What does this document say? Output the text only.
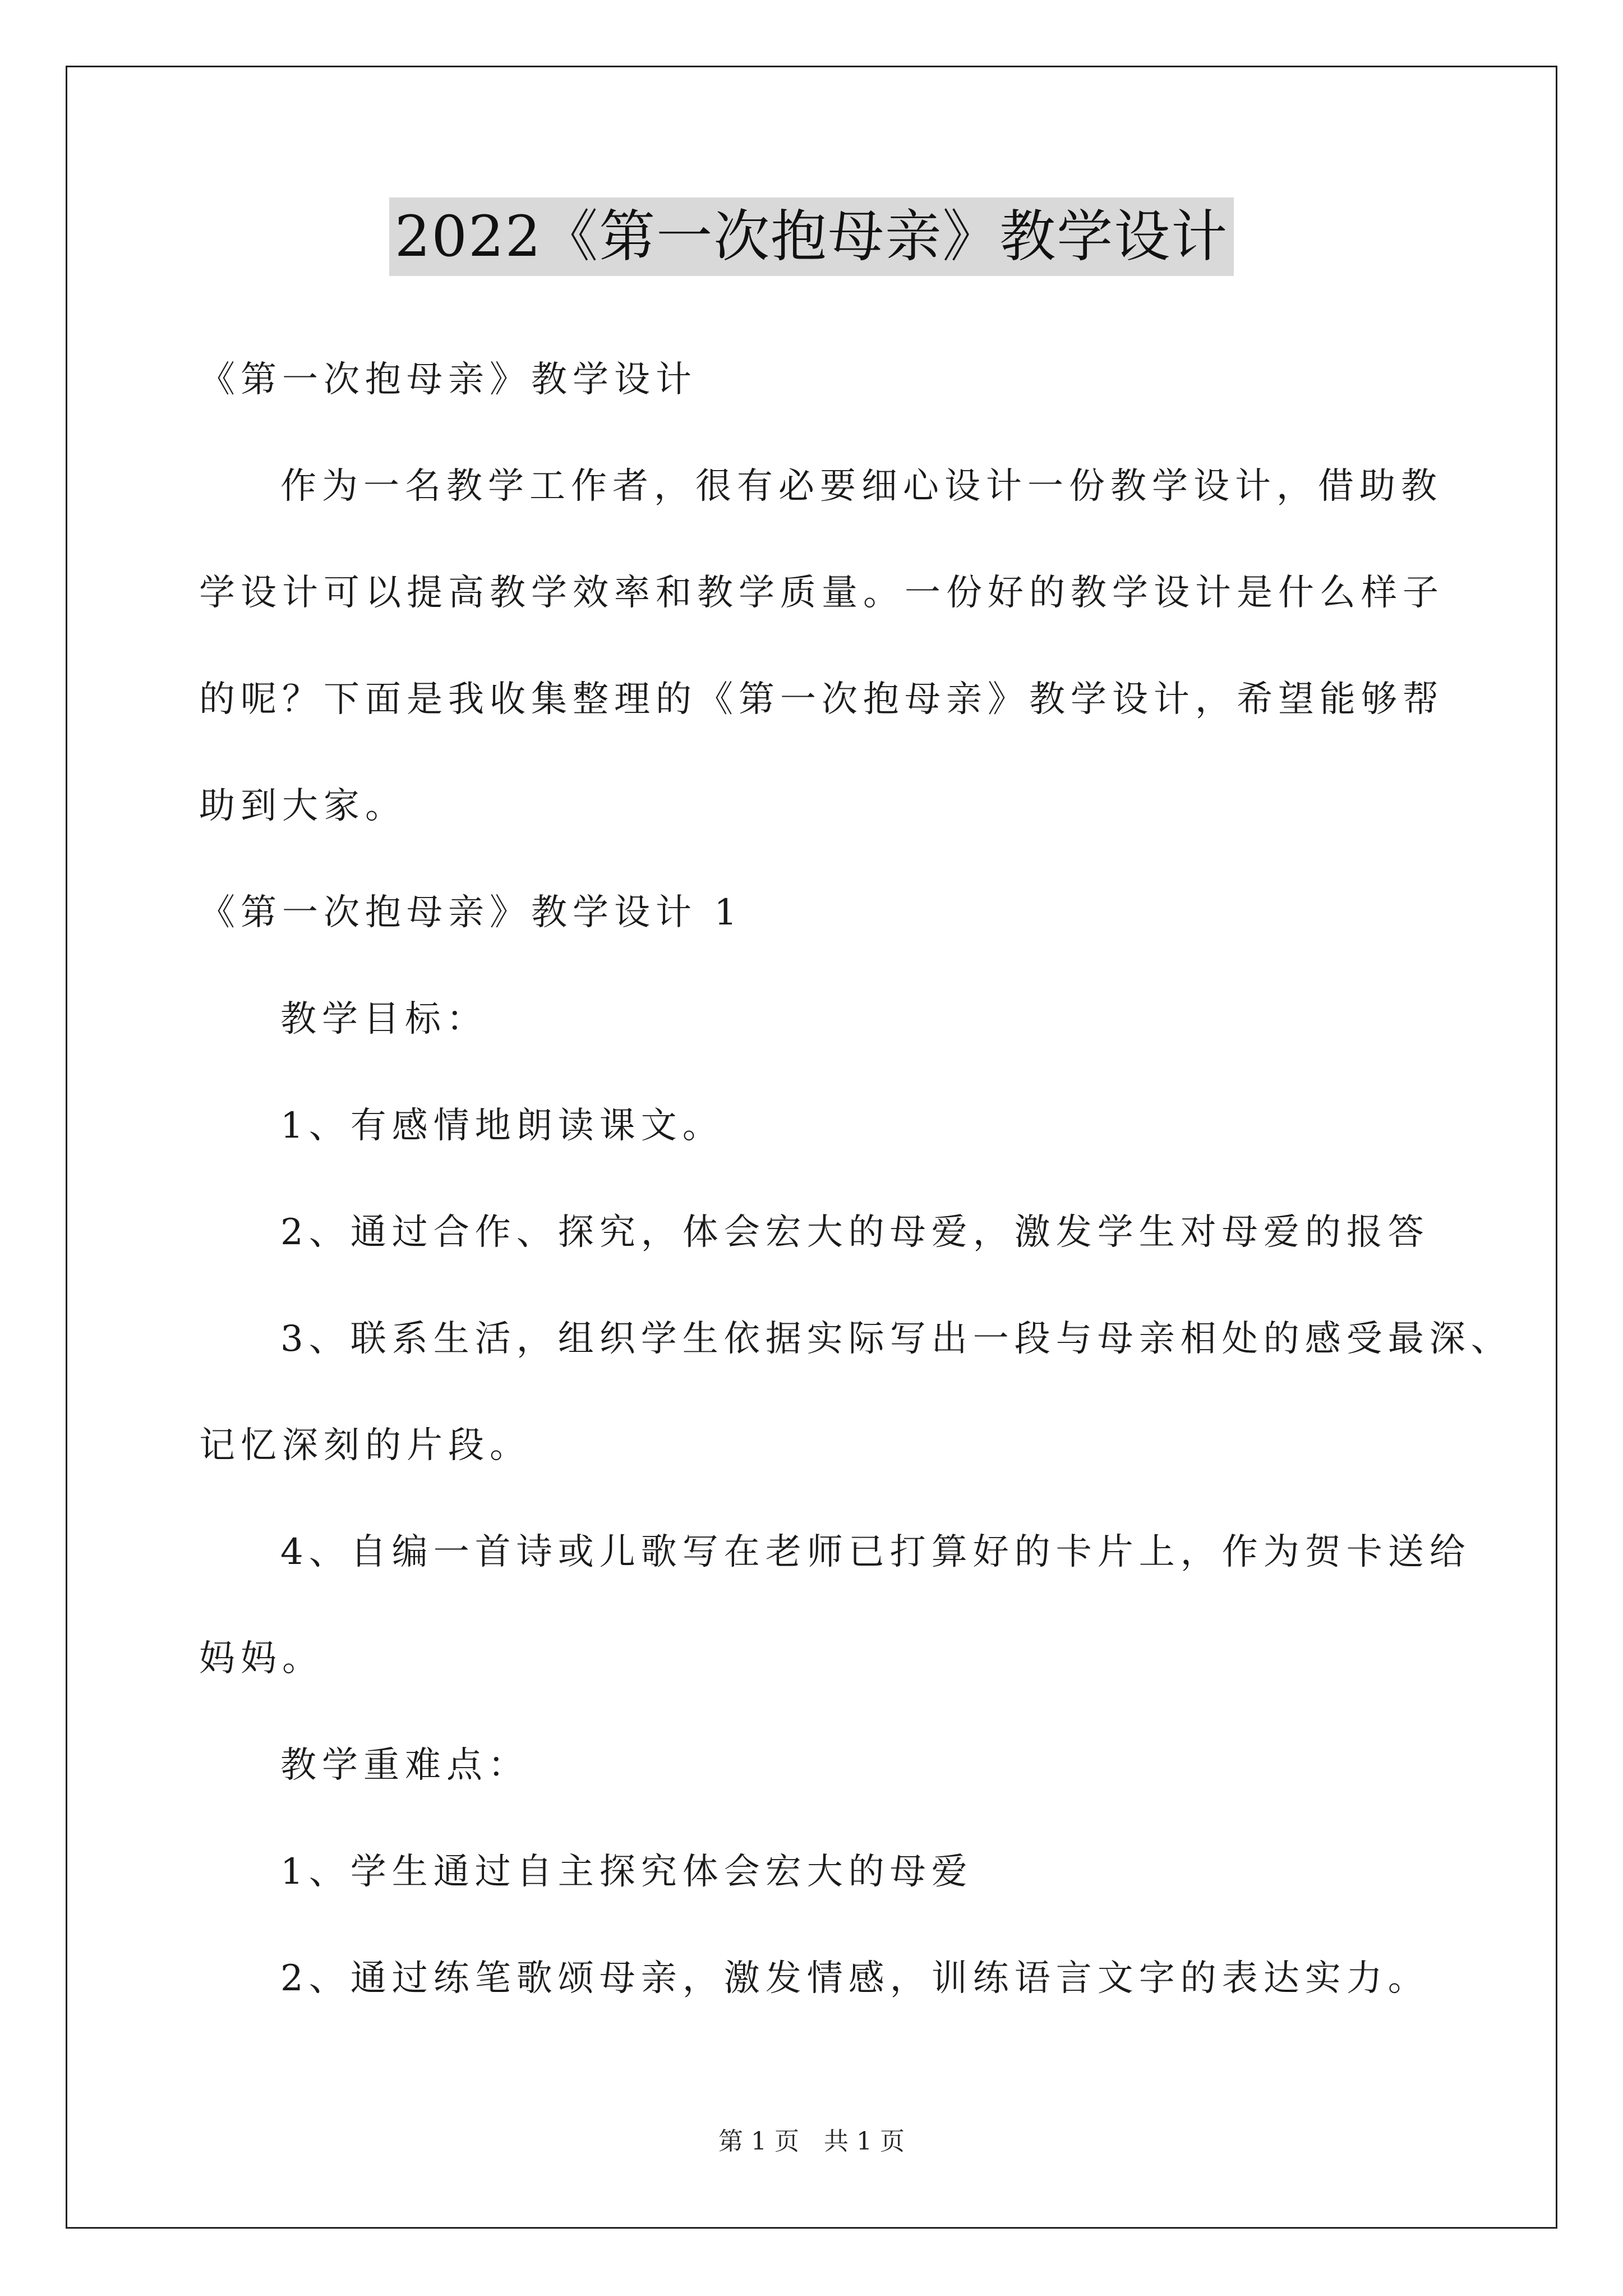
2022《第一次抱母亲》教学设计
《第一次抱母亲》教学设计
作为一名教学工作者，很有必要细心设计一份教学设计，借助教
学设计可以提高教学效率和教学质量。一份好的教学设计是什么样子
的呢？下面是我收集整理的《第一次抱母亲》教学设计，希望能够帮
助到大家。
《第一次抱母亲》教学设计 1
教学目标：
1、有感情地朗读课文。
2、通过合作、探究，体会宏大的母爱，激发学生对母爱的报答
3、联系生活，组织学生依据实际写出一段与母亲相处的感受最深、
记忆深刻的片段。
4、自编一首诗或儿歌写在老师已打算好的卡片上，作为贺卡送给
妈妈。
教学重难点：
1、学生通过自主探究体会宏大的母爱
2、通过练笔歌颂母亲，激发情感，训练语言文字的表达实力。
第 1 页　共 1 页
